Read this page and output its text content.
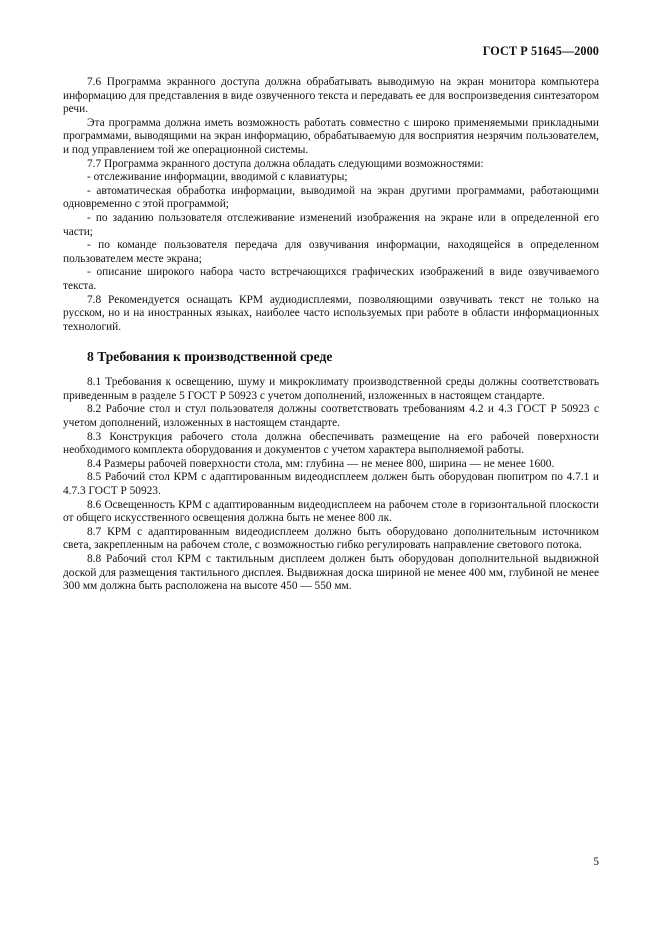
ГОСТ Р 51645—2000

7.6 Программа экранного доступа должна обрабатывать выводимую на экран монитора компьютера информацию для представления в виде озвученного текста и передавать ее для воспроизведения синтезатором речи.

Эта программа должна иметь возможность работать совместно с широко применяемыми прикладными программами, выводящими на экран информацию, обрабатываемую для восприятия незрячим пользователем, и под управлением той же операционной системы.

7.7 Программа экранного доступа должна обладать следующими возможностями:

- отслеживание информации, вводимой с клавиатуры;

- автоматическая обработка информации, выводимой на экран другими программами, работающими одновременно с этой программой;

- по заданию пользователя отслеживание изменений изображения на экране или в определенной его части;

- по команде пользователя передача для озвучивания информации, находящейся в определенном пользователем месте экрана;

- описание широкого набора часто встречающихся графических изображений в виде озвучиваемого текста.

7.8 Рекомендуется оснащать КРМ аудиодисплеями, позволяющими озвучивать текст не только на русском, но и на иностранных языках, наиболее часто используемых при работе в области информационных технологий.

8 Требования к производственной среде

8.1 Требования к освещению, шуму и микроклимату производственной среды должны соответствовать приведенным в разделе 5 ГОСТ Р 50923 с учетом дополнений, изложенных в настоящем стандарте.

8.2 Рабочие стол и стул пользователя должны соответствовать требованиям 4.2 и 4.3 ГОСТ Р 50923 с учетом дополнений, изложенных в настоящем стандарте.

8.3 Конструкция рабочего стола должна обеспечивать размещение на его рабочей поверхности необходимого комплекта оборудования и документов с учетом характера выполняемой работы.

8.4 Размеры рабочей поверхности стола, мм: глубина — не менее 800, ширина — не менее 1600.

8.5 Рабочий стол КРМ с адаптированным видеодисплеем должен быть оборудован пюпитром по 4.7.1 и 4.7.3 ГОСТ Р 50923.

8.6 Освещенность КРМ с адаптированным видеодисплеем на рабочем столе в горизонтальной плоскости от общего искусственного освещения должна быть не менее 800 лк.

8.7 КРМ с адаптированным видеодисплеем должно быть оборудовано дополнительным источником света, закрепленным на рабочем столе, с возможностью гибко регулировать направление светового потока.

8.8 Рабочий стол КРМ с тактильным дисплеем должен быть оборудован дополнительной выдвижной доской для размещения тактильного дисплея. Выдвижная доска шириной не менее 400 мм, глубиной не менее 300 мм должна быть расположена на высоте 450 — 550 мм.

5
